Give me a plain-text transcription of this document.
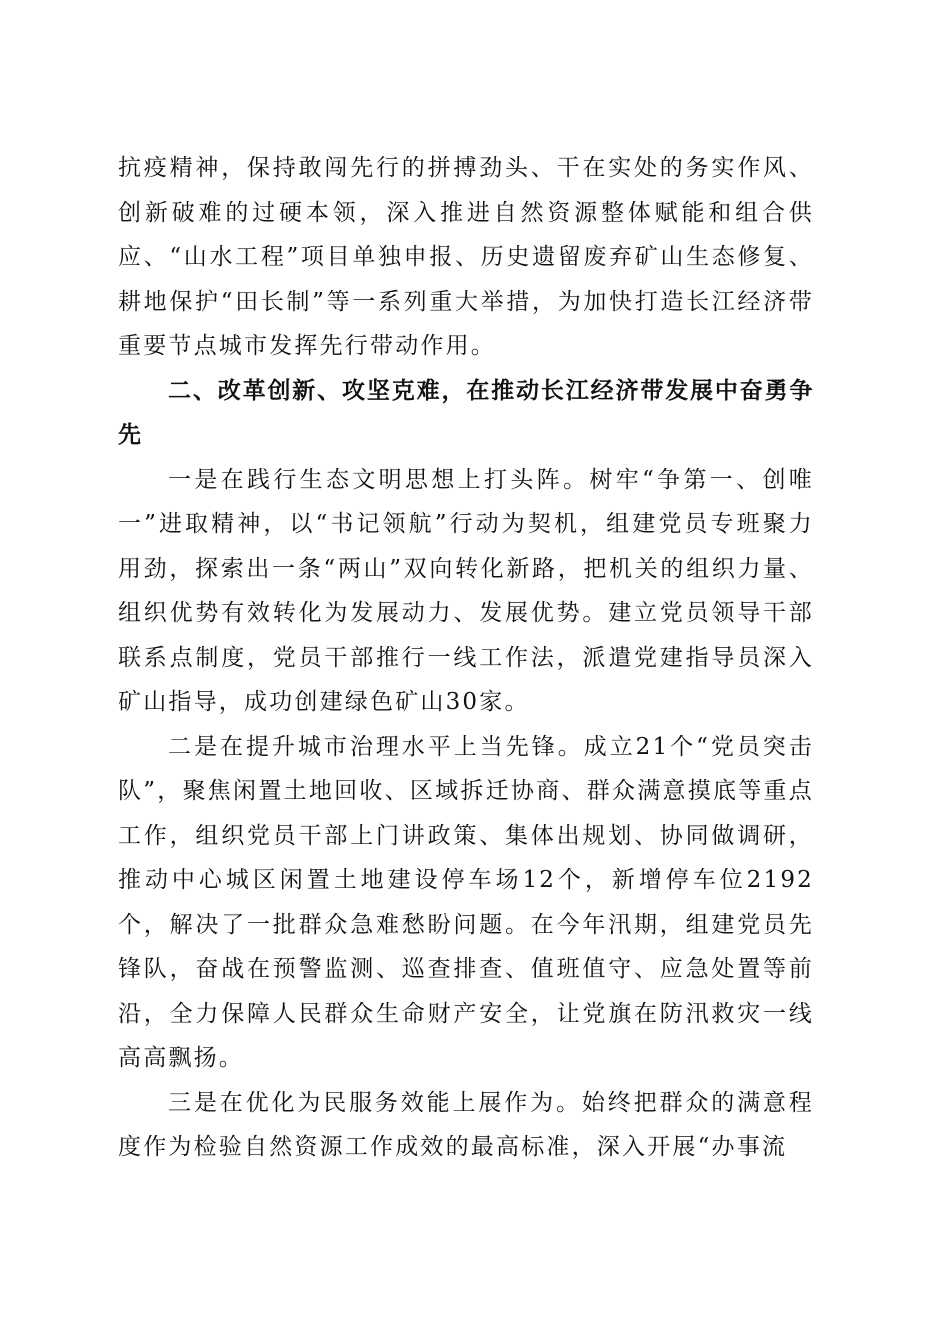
抗疫精神，保持敢闯先行的拼搏劲头、干在实处的务实作风、创新破难的过硬本领，深入推进自然资源整体赋能和组合供应、“山水工程”项目单独申报、历史遗留废弃矿山生态修复、耕地保护“田长制”等一系列重大举措，为加快打造长江经济带重要节点城市发挥先行带动作用。

二、改革创新、攻坚克难，在推动长江经济带发展中奋勇争先

一是在践行生态文明思想上打头阵。树牢“争第一、创唯一”进取精神，以“书记领航”行动为契机，组建党员专班聚力用劲，探索出一条“两山”双向转化新路，把机关的组织力量、组织优势有效转化为发展动力、发展优势。建立党员领导干部联系点制度，党员干部推行一线工作法，派遣党建指导员深入矿山指导，成功创建绿色矿山30家。

二是在提升城市治理水平上当先锋。成立21个“党员突击队”，聚焦闲置土地回收、区域拆迁协商、群众满意摸底等重点工作，组织党员干部上门讲政策、集体出规划、协同做调研，推动中心城区闲置土地建设停车场12个，新增停车位2192个，解决了一批群众急难愁盼问题。在今年汛期，组建党员先锋队，奋战在预警监测、巡查排查、值班值守、应急处置等前沿，全力保障人民群众生命财产安全，让党旗在防汛救灾一线高高飘扬。

三是在优化为民服务效能上展作为。始终把群众的满意程度作为检验自然资源工作成效的最高标准，深入开展“办事流
